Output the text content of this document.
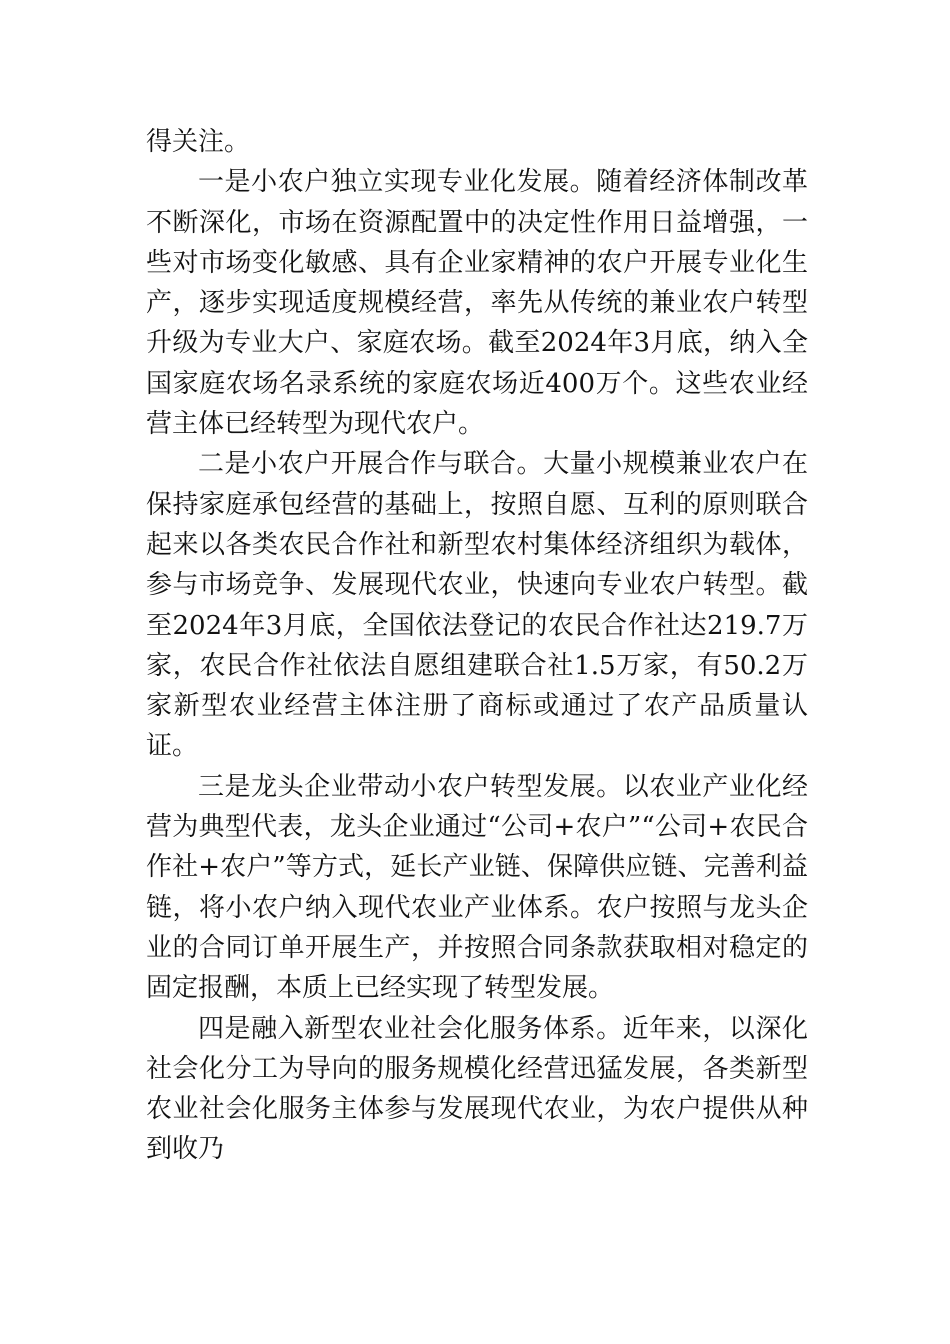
得关注。

一是小农户独立实现专业化发展。随着经济体制改革不断深化，市场在资源配置中的决定性作用日益增强，一些对市场变化敏感、具有企业家精神的农户开展专业化生产，逐步实现适度规模经营，率先从传统的兼业农户转型升级为专业大户、家庭农场。截至2024年3月底，纳入全国家庭农场名录系统的家庭农场近400万个。这些农业经营主体已经转型为现代农户。

二是小农户开展合作与联合。大量小规模兼业农户在保持家庭承包经营的基础上，按照自愿、互利的原则联合起来以各类农民合作社和新型农村集体经济组织为载体，参与市场竞争、发展现代农业，快速向专业农户转型。截至2024年3月底，全国依法登记的农民合作社达219.7万家，农民合作社依法自愿组建联合社1.5万家，有50.2万家新型农业经营主体注册了商标或通过了农产品质量认证。

三是龙头企业带动小农户转型发展。以农业产业化经营为典型代表，龙头企业通过“公司+农户”“公司+农民合作社+农户”等方式，延长产业链、保障供应链、完善利益链，将小农户纳入现代农业产业体系。农户按照与龙头企业的合同订单开展生产，并按照合同条款获取相对稳定的固定报酬，本质上已经实现了转型发展。

四是融入新型农业社会化服务体系。近年来，以深化社会化分工为导向的服务规模化经营迅猛发展，各类新型农业社会化服务主体参与发展现代农业，为农户提供从种到收乃
